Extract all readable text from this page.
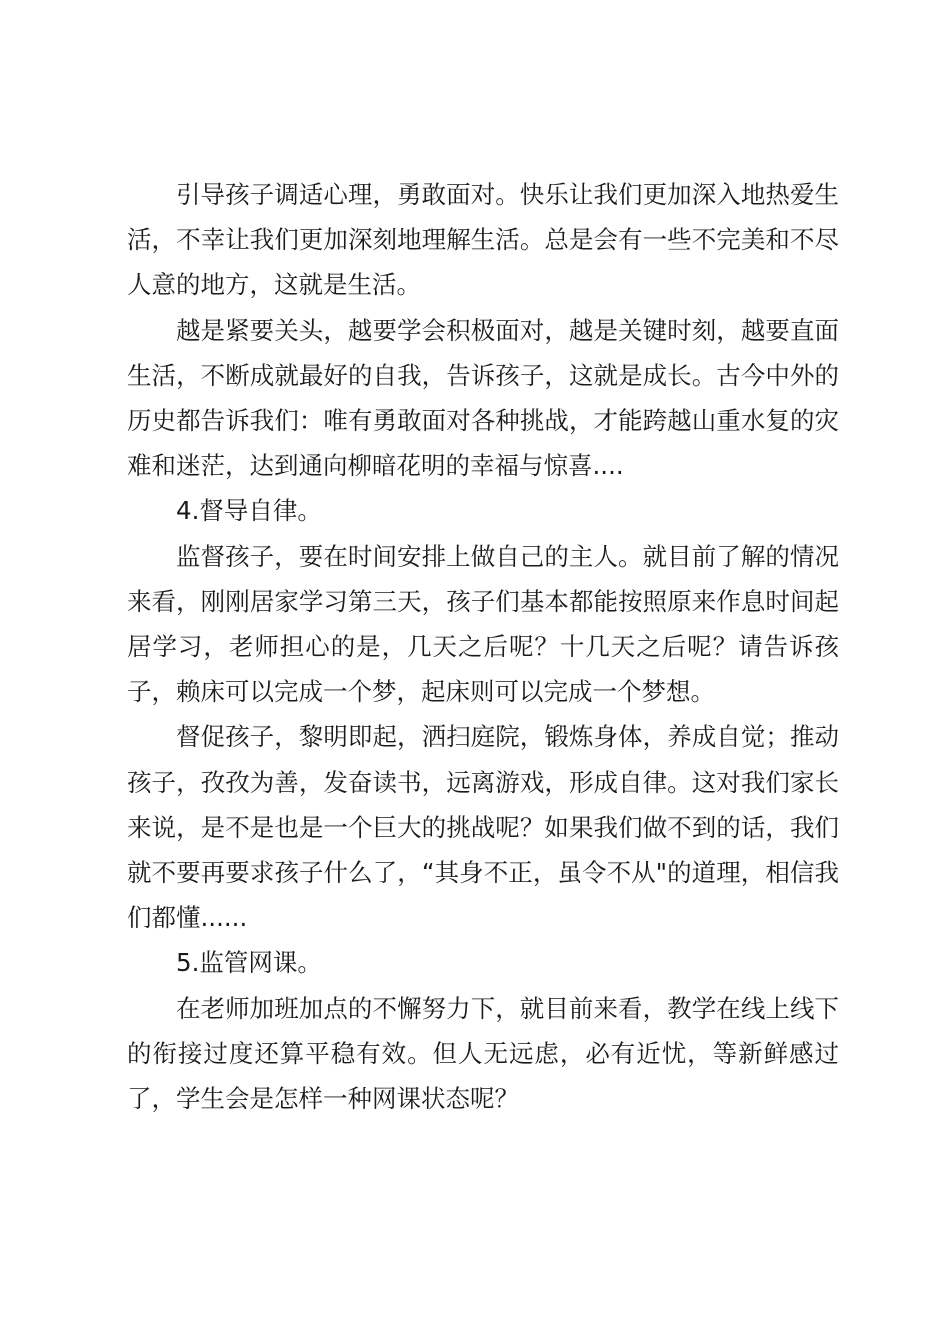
引导孩子调适心理，勇敢面对。快乐让我们更加深入地热爱生活，不幸让我们更加深刻地理解生活。总是会有一些不完美和不尽人意的地方，这就是生活。

越是紧要关头，越要学会积极面对，越是关键时刻，越要直面生活，不断成就最好的自我，告诉孩子，这就是成长。古今中外的历史都告诉我们：唯有勇敢面对各种挑战，才能跨越山重水复的灾难和迷茫，达到通向柳暗花明的幸福与惊喜....

4.督导自律。

监督孩子，要在时间安排上做自己的主人。就目前了解的情况来看，刚刚居家学习第三天，孩子们基本都能按照原来作息时间起居学习，老师担心的是，几天之后呢？十几天之后呢？请告诉孩子，赖床可以完成一个梦，起床则可以完成一个梦想。

督促孩子，黎明即起，洒扫庭院，锻炼身体，养成自觉；推动孩子，孜孜为善，发奋读书，远离游戏，形成自律。这对我们家长来说，是不是也是一个巨大的挑战呢？如果我们做不到的话，我们就不要再要求孩子什么了，“其身不正，虽令不从"的道理，相信我们都懂......

5.监管网课。

在老师加班加点的不懈努力下，就目前来看，教学在线上线下的衔接过度还算平稳有效。但人无远虑，必有近忧，等新鲜感过了，学生会是怎样一种网课状态呢？
